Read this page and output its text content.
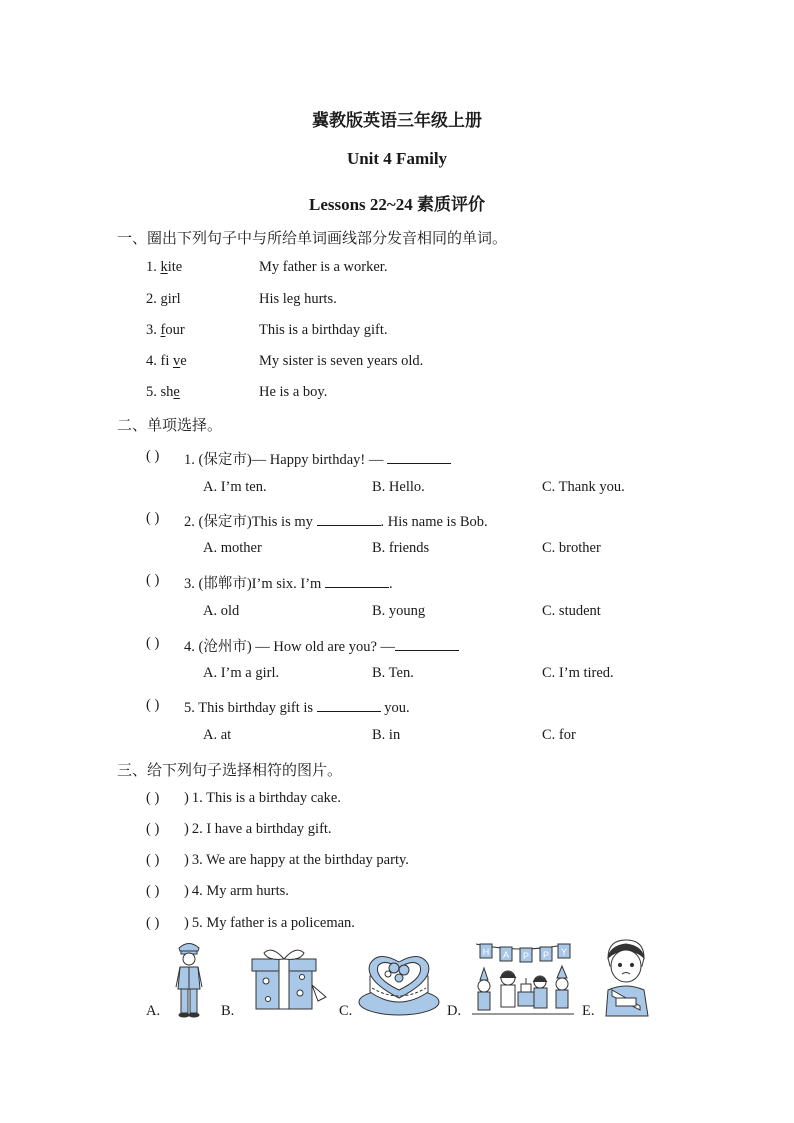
冀教版英语三年级上册
Unit 4 Family
Lessons 22~24 素质评价
一、圈出下列句子中与所给单词画线部分发音相同的单词。
1. kite	My father is a worker.
2. girl	His leg hurts.
3. four	This is a birthday gift.
4. fi ve	My sister is seven years old.
5. she	He is a boy.
二、单项选择。
( ) 1. (保定市)— Happy birthday! —
A. I’m ten.	B. Hello.	C. Thank you.
( ) 2. (保定市)This is my	. His name is Bob.
A. mother	B. friends	C. brother
( ) 3. (邯郸市)I’m six. I’m	.
A. old	B. young	C. student
( ) 4. (沧州市) — How old are you? —
A. I’m a girl.	B. Ten.	C. I’m tired.
( ) 5. This birthday gift is	you.
A. at	B. in	C. for
三、给下列句子选择相符的图片。
( ) ) 1. This is a birthday cake.
( ) ) 2. I have a birthday gift.
( ) ) 3. We are happy at the birthday party.
( ) ) 4. My arm hurts.
( ) ) 5. My father is a policeman.
A.	B.	C.	D.	E.
H A P P Y
